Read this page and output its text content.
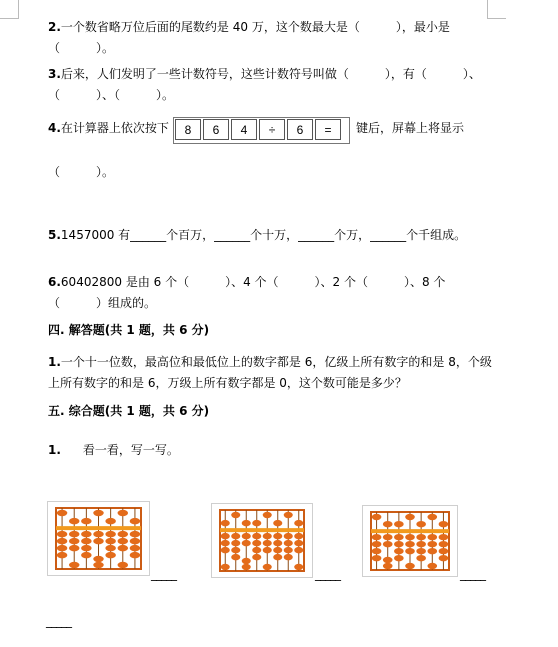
2.一个数省略万位后面的尾数约是 40 万，这个数最大是（　　　），最小是（　　　）。
3.后来，人们发明了一些计数符号，这些计数符号叫做（　　　），有（　　　）、（　　　）、（　　　）。
4.在计算器上依次按下	8	6	4	÷	6	=	键后，屏幕上将显示
（　　　）。
5.1457000 有______个百万，______个十万，______个万，______个千组成。
6.60402800 是由 6 个（　　　）、4 个（　　　）、2 个（　　　）、8 个（　　　）组成的。
四. 解答题(共 1 题，共 6 分)
1.一个十一位数，最高位和最低位上的数字都是 6，亿级上所有数字的和是 8，个级上所有数字的和是 6，万级上所有数字都是 0，这个数可能是多少？
五. 综合题(共 1 题，共 6 分)
1. 看一看，写一写。
_____	_____	_____
_____
